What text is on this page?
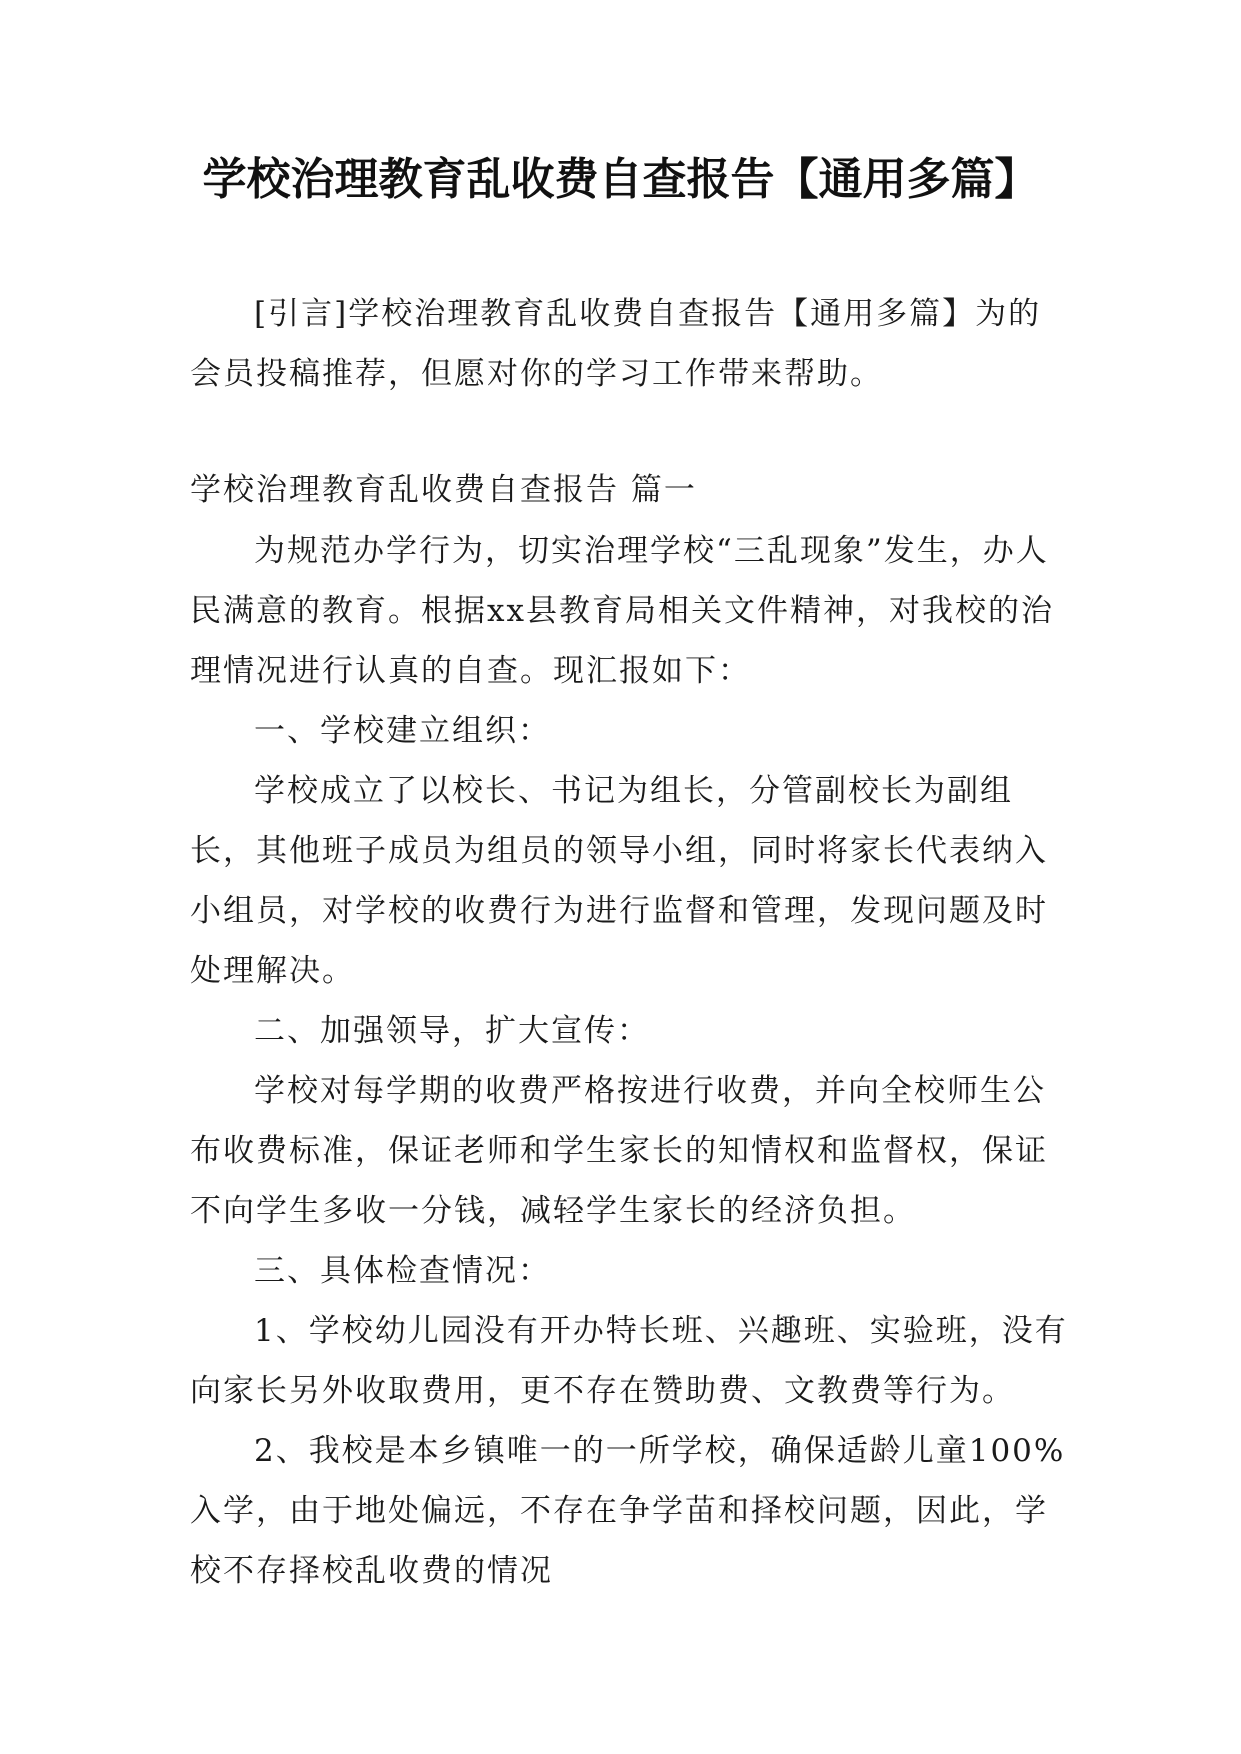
学校治理教育乱收费自查报告【通用多篇】
[引言]学校治理教育乱收费自查报告【通用多篇】为的会员投稿推荐，但愿对你的学习工作带来帮助。
学校治理教育乱收费自查报告 篇一

为规范办学行为，切实治理学校“三乱现象”发生，办人民满意的教育。根据xx县教育局相关文件精神，对我校的治理情况进行认真的自查。现汇报如下：

一、学校建立组织：

学校成立了以校长、书记为组长，分管副校长为副组长，其他班子成员为组员的领导小组，同时将家长代表纳入小组员，对学校的收费行为进行监督和管理，发现问题及时处理解决。

二、加强领导，扩大宣传：

学校对每学期的收费严格按进行收费，并向全校师生公布收费标准，保证老师和学生家长的知情权和监督权，保证不向学生多收一分钱，减轻学生家长的经济负担。

三、具体检查情况：

1、学校幼儿园没有开办特长班、兴趣班、实验班，没有向家长另外收取费用，更不存在赞助费、文教费等行为。

2、我校是本乡镇唯一的一所学校，确保适龄儿童100%入学，由于地处偏远，不存在争学苗和择校问题，因此，学校不存择校乱收费的情况
